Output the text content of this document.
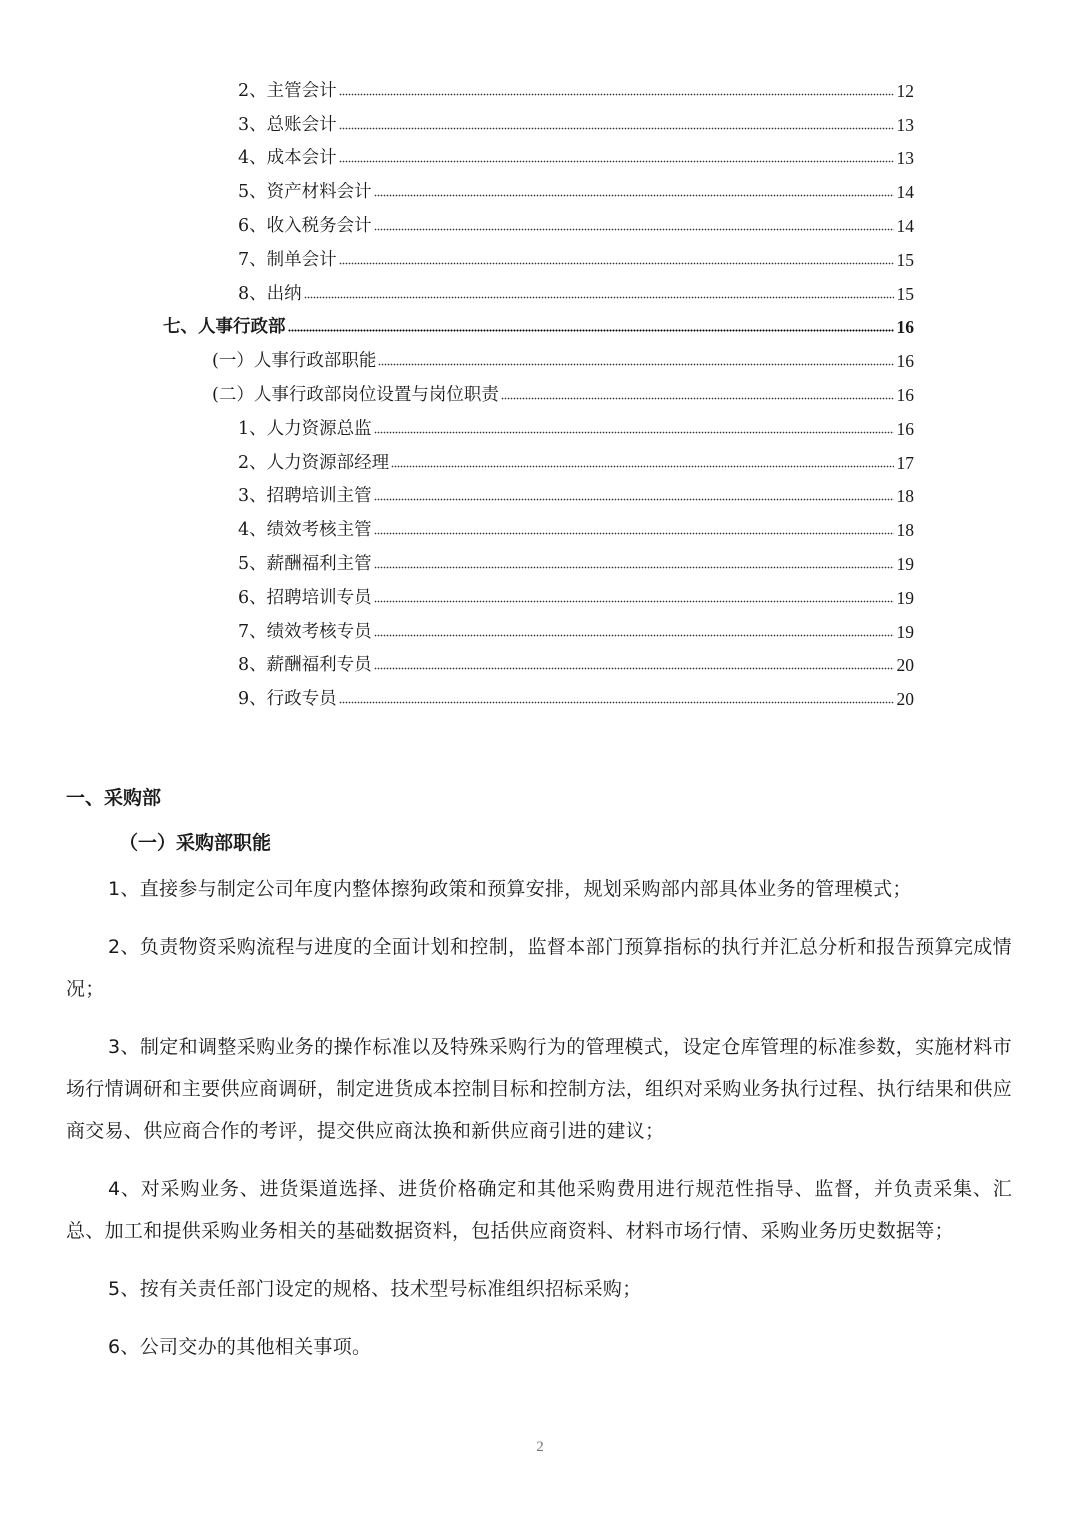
2、主管会计	12
3、总账会计	13
4、成本会计	13
5、资产材料会计	14
6、收入税务会计	14
7、制单会计	15
8、出纳	15
七、人事行政部	16
(一）人事行政部职能	16
(二）人事行政部岗位设置与岗位职责	16
1、人力资源总监	16
2、人力资源部经理	17
3、招聘培训主管	18
4、绩效考核主管	18
5、薪酬福利主管	19
6、招聘培训专员	19
7、绩效考核专员	19
8、薪酬福利专员	20
9、行政专员	20
一、采购部
（一）采购部职能

1、直接参与制定公司年度内整体擦狗政策和预算安排，规划采购部内部具体业务的管理模式；

2、负责物资采购流程与进度的全面计划和控制，监督本部门预算指标的执行并汇总分析和报告预算完成情况；

3、制定和调整采购业务的操作标准以及特殊采购行为的管理模式，设定仓库管理的标准参数，实施材料市场行情调研和主要供应商调研，制定进货成本控制目标和控制方法，组织对采购业务执行过程、执行结果和供应商交易、供应商合作的考评，提交供应商汰换和新供应商引进的建议；

4、对采购业务、进货渠道选择、进货价格确定和其他采购费用进行规范性指导、监督，并负责采集、汇总、加工和提供采购业务相关的基础数据资料，包括供应商资料、材料市场行情、采购业务历史数据等；

5、按有关责任部门设定的规格、技术型号标准组织招标采购；

6、公司交办的其他相关事项。

2
